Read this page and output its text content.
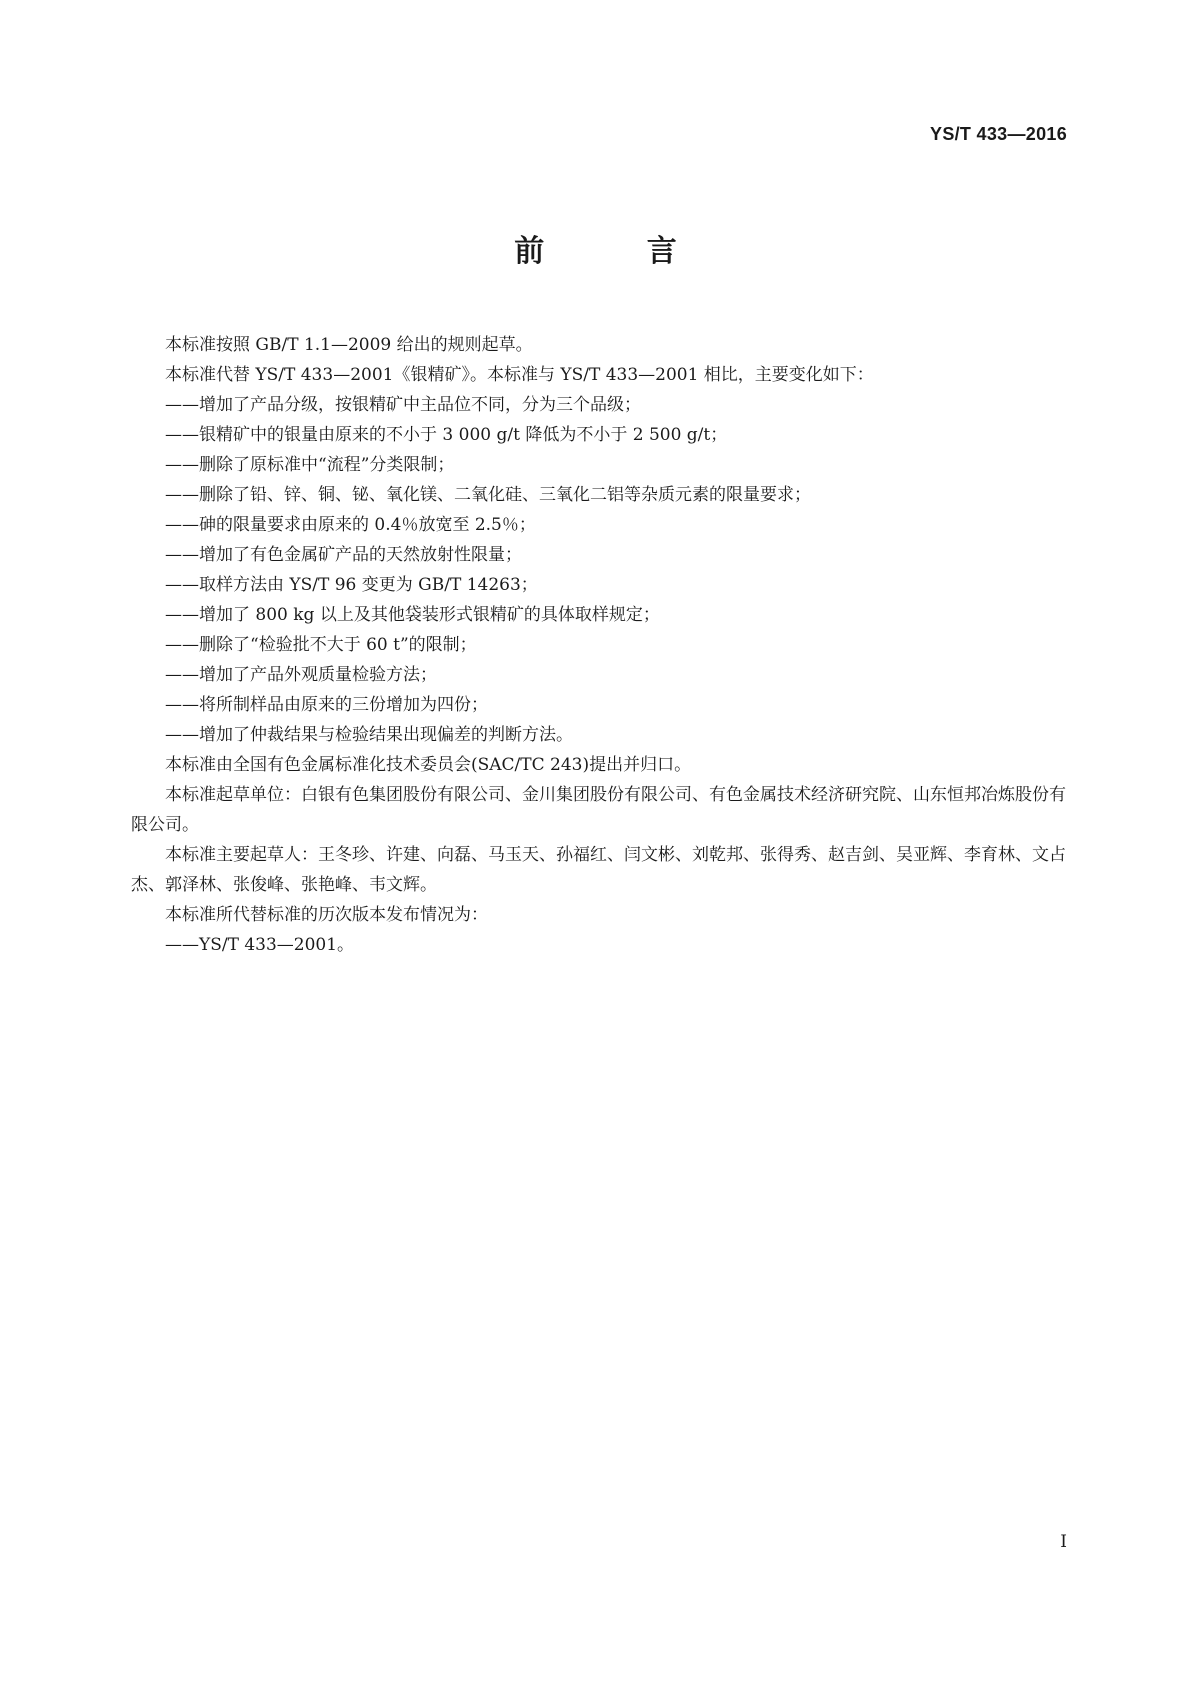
YS/T 433—2016
前 言

本标准按照 GB/T 1.1—2009 给出的规则起草。

本标准代替 YS/T 433—2001《银精矿》。本标准与 YS/T 433—2001 相比，主要变化如下：

——增加了产品分级，按银精矿中主品位不同，分为三个品级；

——银精矿中的银量由原来的不小于 3 000 g/t 降低为不小于 2 500 g/t；

——删除了原标准中“流程”分类限制；

——删除了铅、锌、铜、铋、氧化镁、二氧化硅、三氧化二铝等杂质元素的限量要求；

——砷的限量要求由原来的 0.4％放宽至 2.5％；

——增加了有色金属矿产品的天然放射性限量；

——取样方法由 YS/T 96 变更为 GB/T 14263；

——增加了 800 kg 以上及其他袋装形式银精矿的具体取样规定；

——删除了“检验批不大于 60 t”的限制；

——增加了产品外观质量检验方法；

——将所制样品由原来的三份增加为四份；

——增加了仲裁结果与检验结果出现偏差的判断方法。

本标准由全国有色金属标准化技术委员会(SAC/TC 243)提出并归口。

本标准起草单位：白银有色集团股份有限公司、金川集团股份有限公司、有色金属技术经济研究院、山东恒邦冶炼股份有限公司。

本标准主要起草人：王冬珍、许建、向磊、马玉天、孙福红、闫文彬、刘乾邦、张得秀、赵吉剑、吴亚辉、李育林、文占杰、郭泽林、张俊峰、张艳峰、韦文辉。

本标准所代替标准的历次版本发布情况为：

——YS/T 433—2001。

I
